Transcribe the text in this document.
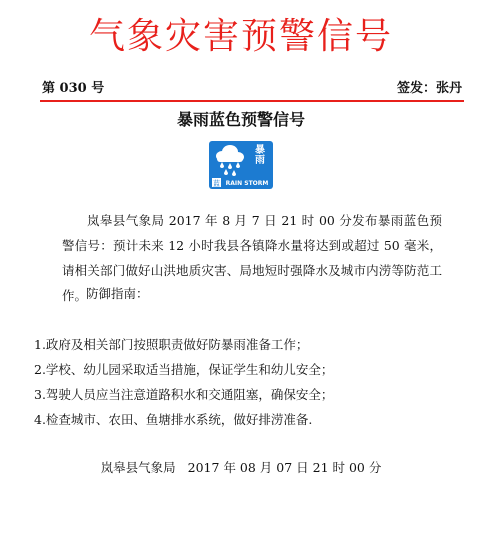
气象灾害预警信号
第 030 号	签发：张丹
暴雨蓝色预警信号
暴雨
蓝 RAIN STORM

岚皋县气象局 2017 年 8 月 7 日 21 时 00 分发布暴雨蓝色预警信号：预计未来 12 小时我县各镇降水量将达到或超过 50 毫米，请相关部门做好山洪地质灾害、局地短时强降水及城市内涝等防范工作。

防御指南：
1.政府及相关部门按照职责做好防暴雨准备工作；
2.学校、幼儿园采取适当措施，保证学生和幼儿安全；
3.驾驶人员应当注意道路积水和交通阻塞，确保安全；
4.检查城市、农田、鱼塘排水系统，做好排涝准备.
岚皋县气象局 2017 年 08 月 07 日 21 时 00 分
